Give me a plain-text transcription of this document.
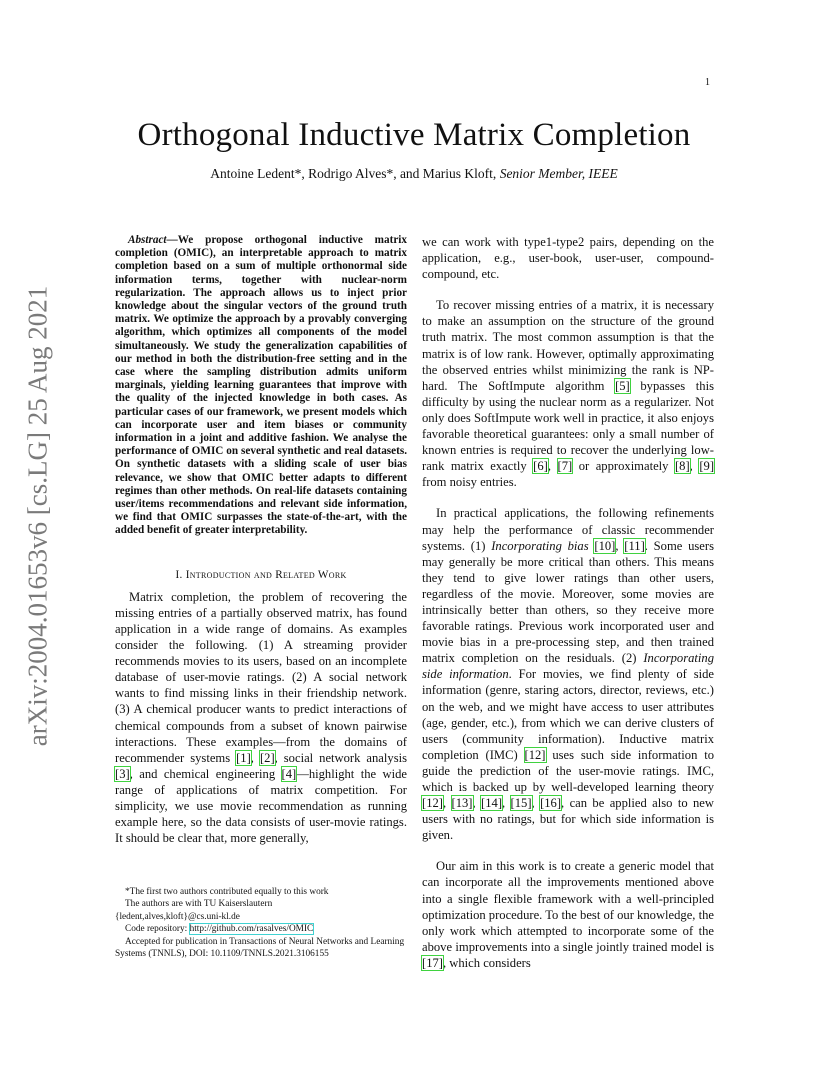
1
arXiv:2004.01653v6 [cs.LG] 25 Aug 2021
Orthogonal Inductive Matrix Completion
Antoine Ledent*, Rodrigo Alves*, and Marius Kloft, Senior Member, IEEE

Abstract—We propose orthogonal inductive matrix completion (OMIC), an interpretable approach to matrix completion based on a sum of multiple orthonormal side information terms, together with nuclear-norm regularization. The approach allows us to inject prior knowledge about the singular vectors of the ground truth matrix. We optimize the approach by a provably converging algorithm, which optimizes all components of the model simultaneously. We study the generalization capabilities of our method in both the distribution-free setting and in the case where the sampling distribution admits uniform marginals, yielding learning guarantees that improve with the quality of the injected knowledge in both cases. As particular cases of our framework, we present models which can incorporate user and item biases or community information in a joint and additive fashion. We analyse the performance of OMIC on several synthetic and real datasets. On synthetic datasets with a sliding scale of user bias relevance, we show that OMIC better adapts to different regimes than other methods. On real-life datasets containing user/items recommendations and relevant side information, we find that OMIC surpasses the state-of-the-art, with the added benefit of greater interpretability.

I. Introduction and Related Work

Matrix completion, the problem of recovering the missing entries of a partially observed matrix, has found application in a wide range of domains. As examples consider the following. (1) A streaming provider recommends movies to its users, based on an incomplete database of user-movie ratings. (2) A social network wants to find missing links in their friendship network. (3) A chemical producer wants to predict interactions of chemical compounds from a subset of known pairwise interactions. These examples—from the domains of recommender systems [1], [2], social network analysis [3], and chemical engineering [4]—highlight the wide range of applications of matrix competition. For simplicity, we use movie recommendation as running example here, so the data consists of user-movie ratings. It should be clear that, more generally,

we can work with type1-type2 pairs, depending on the application, e.g., user-book, user-user, compound-compound, etc.

To recover missing entries of a matrix, it is necessary to make an assumption on the structure of the ground truth matrix. The most common assumption is that the matrix is of low rank. However, optimally approximating the observed entries whilst minimizing the rank is NP-hard. The SoftImpute algorithm [5] bypasses this difficulty by using the nuclear norm as a regularizer. Not only does SoftImpute work well in practice, it also enjoys favorable theoretical guarantees: only a small number of known entries is required to recover the underlying low-rank matrix exactly [6], [7] or approximately [8], [9] from noisy entries.

In practical applications, the following refinements may help the performance of classic recommender systems. (1) Incorporating bias [10], [11]. Some users may generally be more critical than others. This means they tend to give lower ratings than other users, regardless of the movie. Moreover, some movies are intrinsically better than others, so they receive more favorable ratings. Previous work incorporated user and movie bias in a pre-processing step, and then trained matrix completion on the residuals. (2) Incorporating side information. For movies, we find plenty of side information (genre, staring actors, director, reviews, etc.) on the web, and we might have access to user attributes (age, gender, etc.), from which we can derive clusters of users (community information). Inductive matrix completion (IMC) [12] uses such side information to guide the prediction of the user-movie ratings. IMC, which is backed up by well-developed learning theory [12], [13], [14], [15], [16], can be applied also to new users with no ratings, but for which side information is given.

Our aim in this work is to create a generic model that can incorporate all the improvements mentioned above into a single flexible framework with a well-principled optimization procedure. To the best of our knowledge, the only work which attempted to incorporate some of the above improvements into a single jointly trained model is [17], which considers

*The first two authors contributed equally to this work
The authors are with TU Kaiserslautern
{ledent,alves,kloft}@cs.uni-kl.de
Code repository: http://github.com/rasalves/OMIC
Accepted for publication in Transactions of Neural Networks and Learning Systems (TNNLS), DOI: 10.1109/TNNLS.2021.3106155
